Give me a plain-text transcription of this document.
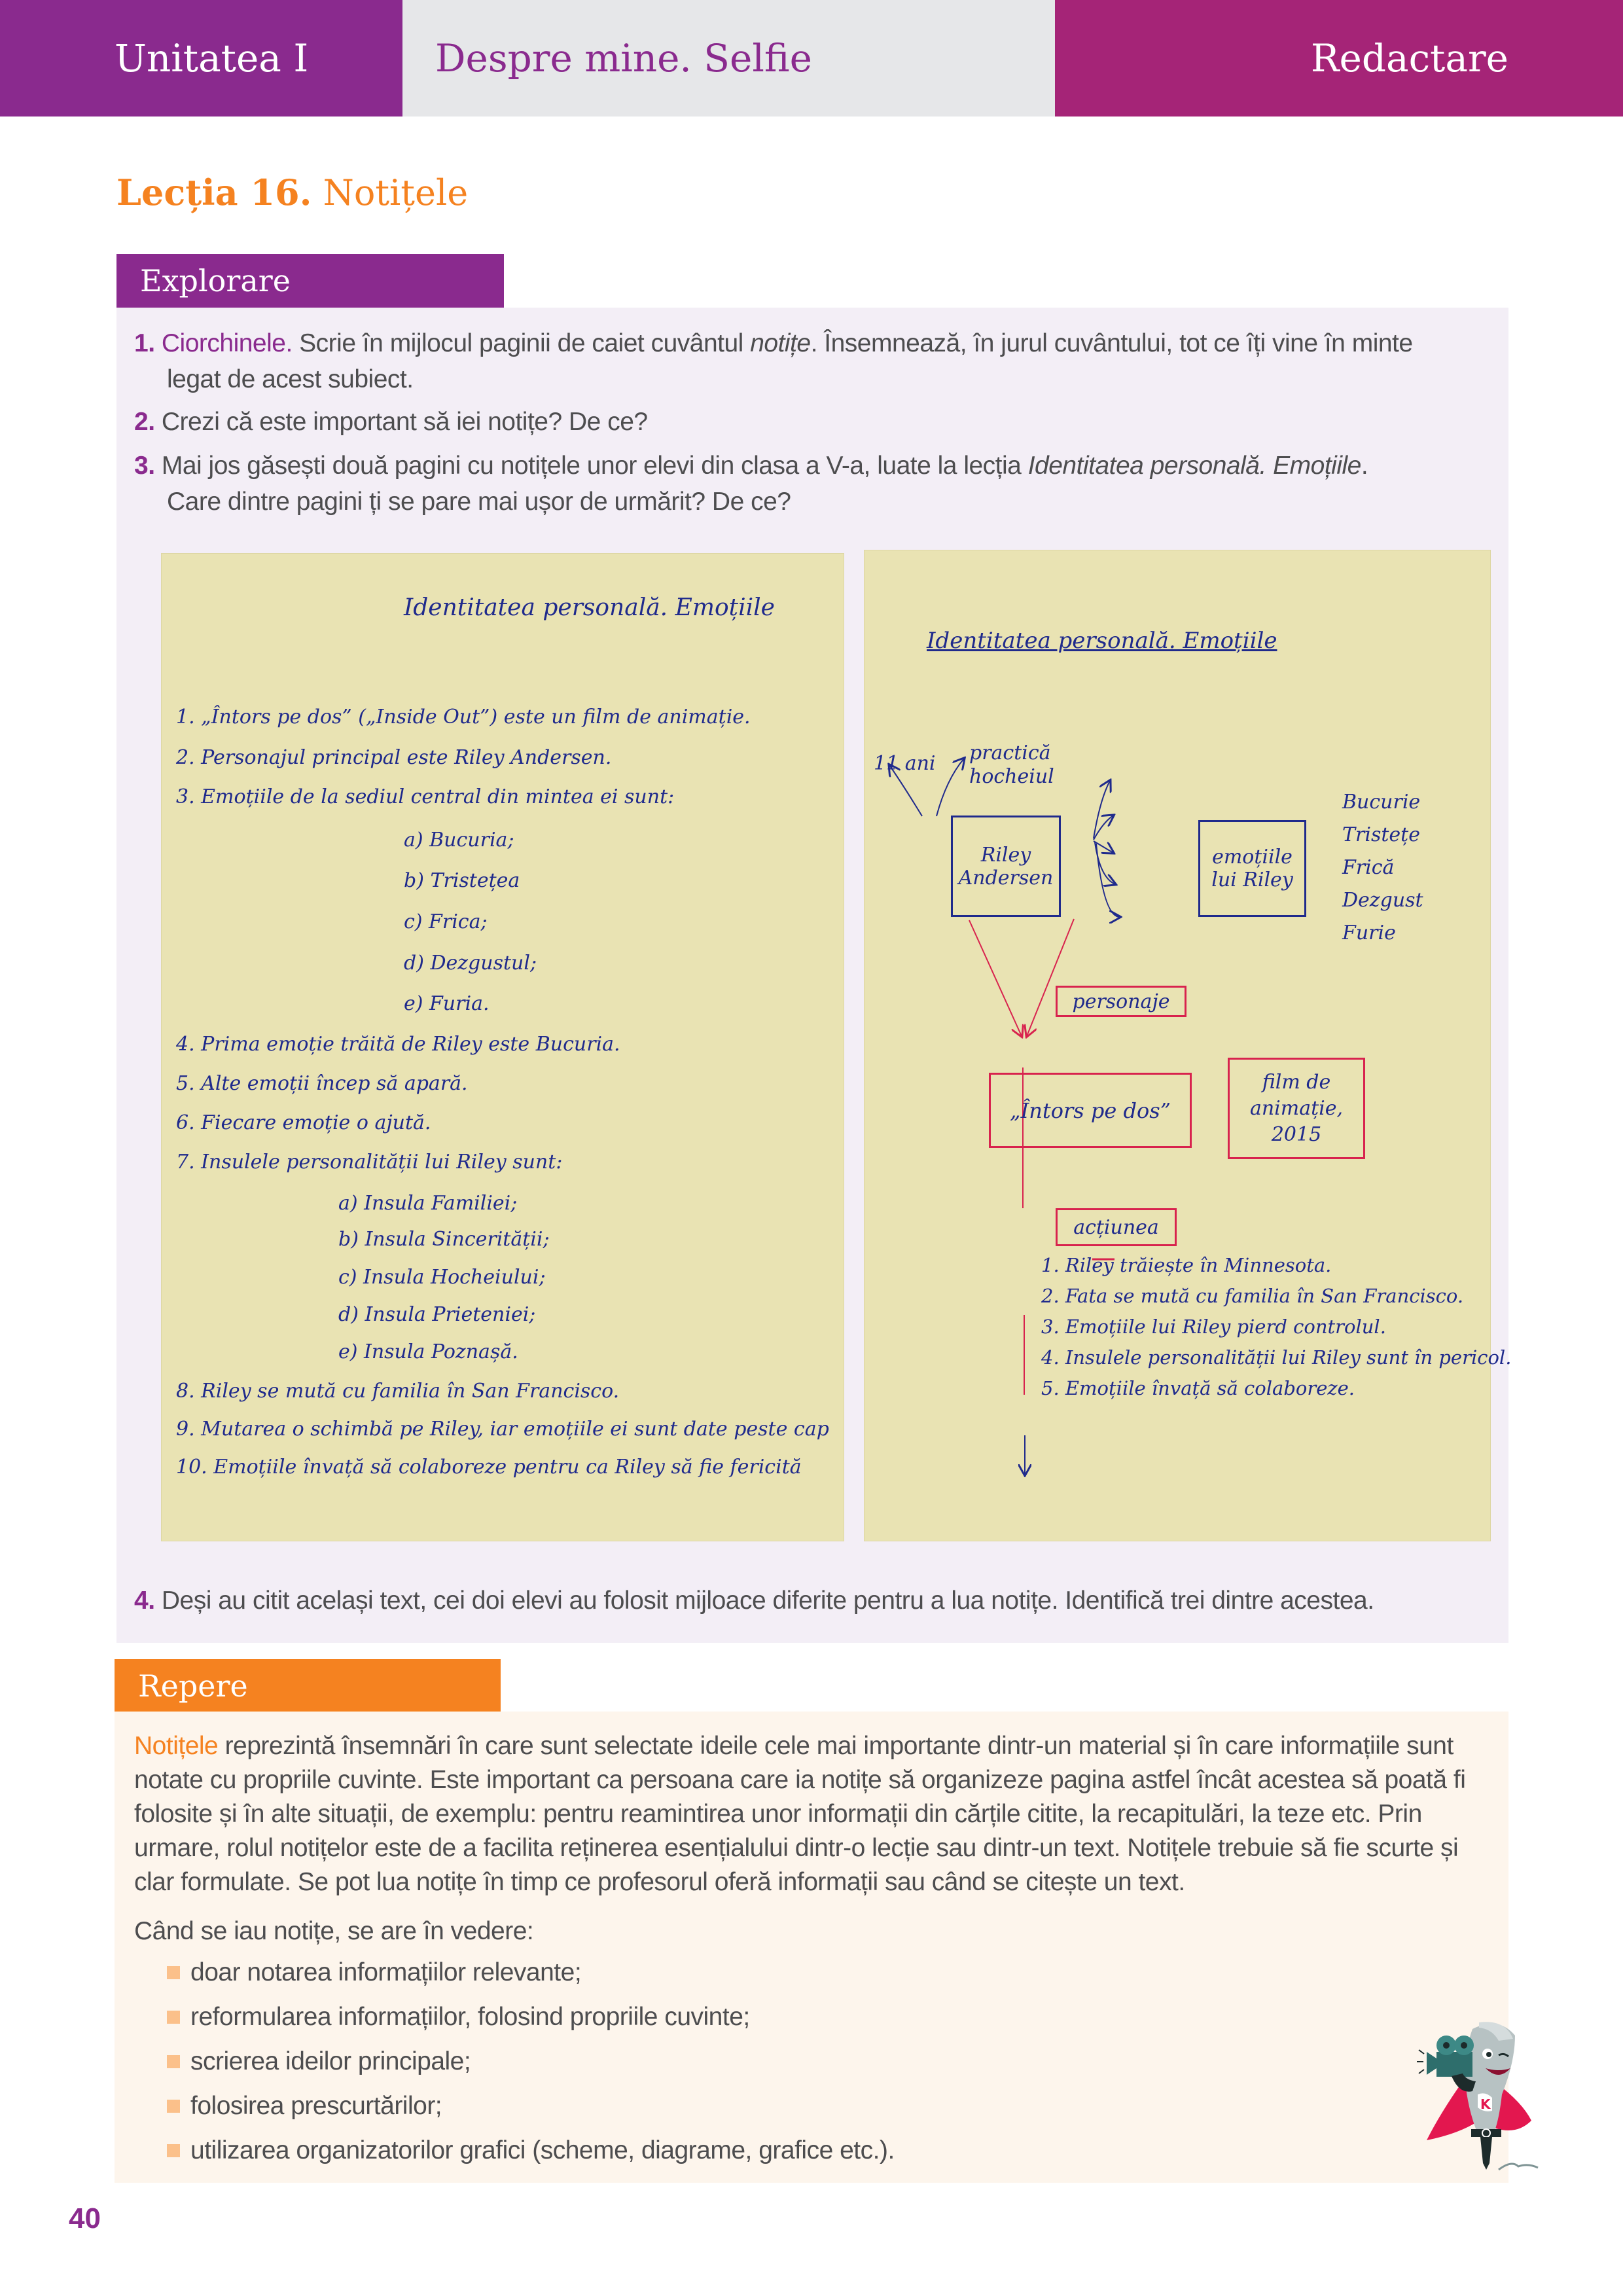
Unitatea I	Despre mine. Selfie	Redactare
Lecția 16. Notițele
Explorare
1. Ciorchinele. Scrie în mijlocul paginii de caiet cuvântul notițe. Însemnează, în jurul cuvântului, tot ce îți vine în minte
legat de acest subiect.
2. Crezi că este important să iei notițe? De ce?
3. Mai jos găsești două pagini cu notițele unor elevi din clasa a V-a, luate la lecția Identitatea personală. Emoțiile.
Care dintre pagini ți se pare mai ușor de urmărit? De ce?
Identitatea personală. Emoțiile
1. „Întors pe dos” („Inside Out”) este un film de animație.
2. Personajul principal este Riley Andersen.
3. Emoțiile de la sediul central din mintea ei sunt:
a) Bucuria;
b) Tristețea
c) Frica;
d) Dezgustul;
e) Furia.
4. Prima emoție trăită de Riley este Bucuria.
5. Alte emoții încep să apară.
6. Fiecare emoție o ajută.
7. Insulele personalității lui Riley sunt:
a) Insula Familiei;
b) Insula Sincerității;
c) Insula Hocheiului;
d) Insula Prieteniei;
e) Insula Poznașă.
8. Riley se mută cu familia în San Francisco.
9. Mutarea o schimbă pe Riley, iar emoțiile ei sunt date peste cap
10. Emoțiile învață să colaboreze pentru ca Riley să fie fericită
Identitatea personală. Emoțiile
11 ani practică hocheiul
Riley Andersen
emoțiile lui Riley
Bucurie
Tristețe
Frică
Dezgust
Furie
personaje
„Întors pe dos”
film de animație, 2015
acțiunea
1. Riley trăiește în Minnesota.
2. Fata se mută cu familia în San Francisco.
3. Emoțiile lui Riley pierd controlul.
4. Insulele personalității lui Riley sunt în pericol.
5. Emoțiile învață să colaboreze.
4. Deși au citit același text, cei doi elevi au folosit mijloace diferite pentru a lua notițe. Identifică trei dintre acestea.
Repere
Notițele reprezintă însemnări în care sunt selectate ideile cele mai importante dintr-un material și în care informațiile sunt notate cu propriile cuvinte. Este important ca persoana care ia notițe să organizeze pagina astfel încât acestea să poată fi folosite și în alte situații, de exemplu: pentru reamintirea unor informații din cărțile citite, la recapitulări, la teze etc. Prin urmare, rolul notițelor este de a facilita reținerea esențialului dintr-o lecție sau dintr-un text. Notițele trebuie să fie scurte și clar formulate. Se pot lua notițe în timp ce profesorul oferă informații sau când se citește un text.
Când se iau notițe, se are în vedere:
doar notarea informațiilor relevante;
reformularea informațiilor, folosind propriile cuvinte;
scrierea ideilor principale;
folosirea prescurtărilor;
utilizarea organizatorilor grafici (scheme, diagrame, grafice etc.).
K
40
